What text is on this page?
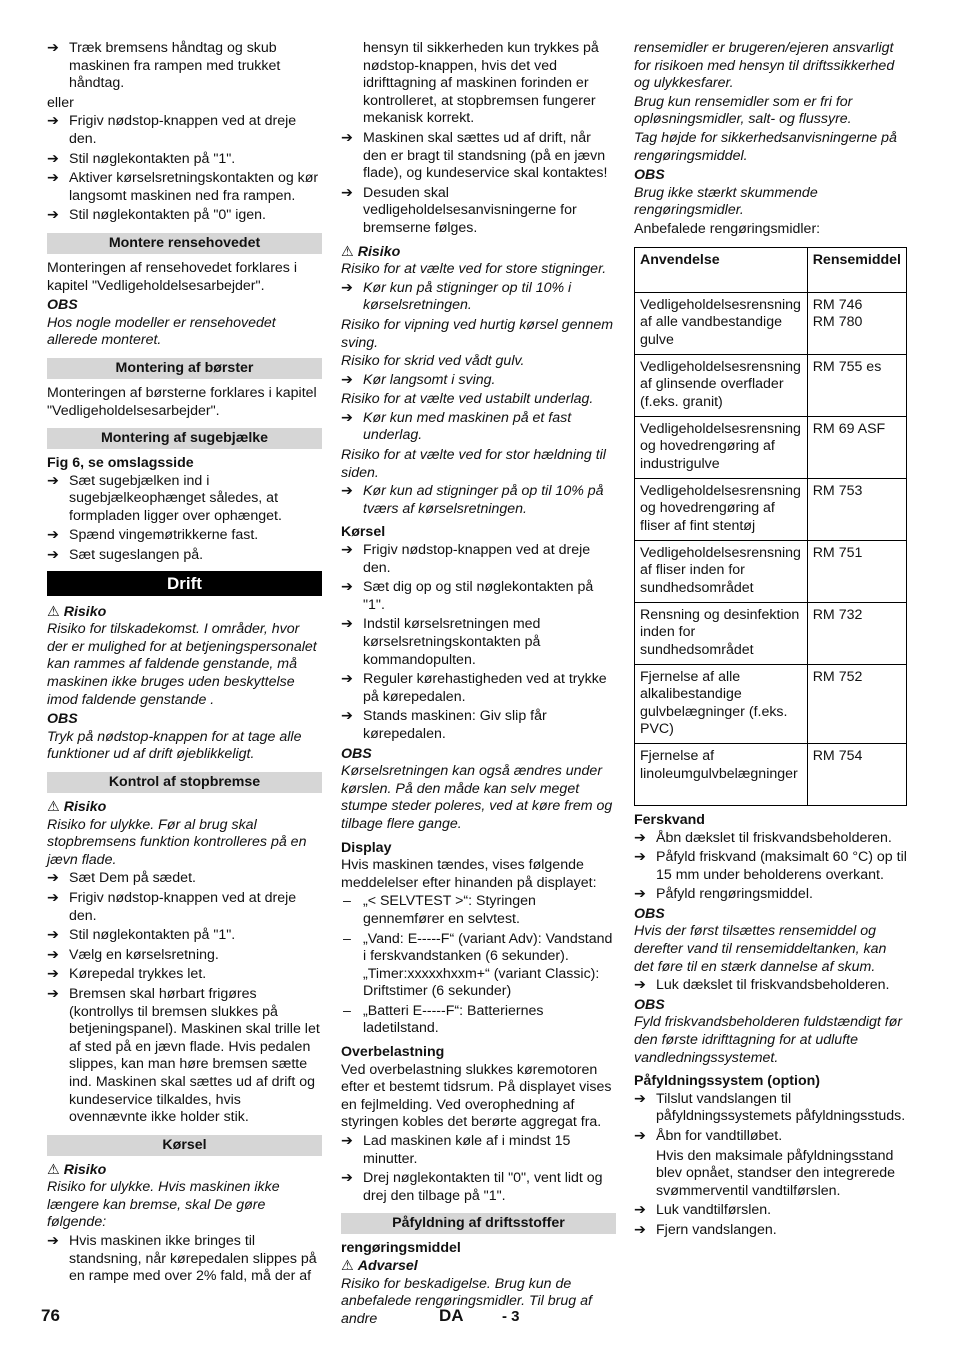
➔ Træk bremsens håndtag og skub maskinen fra rampen med trukket håndtag.
eller
➔ Frigiv nødstop-knappen ved at dreje den.
➔ Stil nøglekontakten på "1".
➔ Aktiver kørselsretningskontakten og kør langsomt maskinen ned fra rampen.
➔ Stil nøglekontakten på "0" igen.
Montere rensehovedet
Monteringen af rensehovedet forklares i kapitel "Vedligeholdelsesarbejder".
OBS
Hos nogle modeller er rensehovedet allerede monteret.
Montering af børster
Monteringen af børsterne forklares i kapitel "Vedligeholdelsesarbejder".
Montering af sugebjælke
Fig 6, se omslagsside
➔ Sæt sugebjælken ind i sugebjælkeophænget således, at formpladen ligger over ophænget.
➔ Spænd vingemøtrikkerne fast.
➔ Sæt sugeslangen på.
Drift
⚠ Risiko
Risiko for tilskadekomst. I områder, hvor der er mulighed for at betjeningspersonalet kan rammes af faldende genstande, må maskinen ikke bruges uden beskyttelse imod faldende genstande .
OBS
Tryk på nødstop-knappen for at tage alle funktioner ud af drift øjeblikkeligt.
Kontrol af stopbremse
⚠ Risiko
Risiko for ulykke. Før al brug skal stopbremsens funktion kontrolleres på en jævn flade.
➔ Sæt Dem på sædet.
➔ Frigiv nødstop-knappen ved at dreje den.
➔ Stil nøglekontakten på "1".
➔ Vælg en kørselsretning.
➔ Kørepedal trykkes let.
➔ Bremsen skal hørbart frigøres (kontrollys til bremsen slukkes på betjeningspanel). Maskinen skal trille let af sted på en jævn flade. Hvis pedalen slippes, kan man høre bremsen sætte ind. Maskinen skal sættes ud af drift og kundeservice tilkaldes, hvis ovennævnte ikke holder stik.
Kørsel
⚠ Risiko
Risiko for ulykke. Hvis maskinen ikke længere kan bremse, skal De gøre følgende:
➔ Hvis maskinen ikke bringes til standsning, når kørepedalen slippes på en rampe med over 2% fald, må der af
hensyn til sikkerheden kun trykkes på nødstop-knappen, hvis det ved idrifttagning af maskinen forinden er kontrolleret, at stopbremsen fungerer mekanisk korrekt.
➔ Maskinen skal sættes ud af drift, når den er bragt til standsning (på en jævn flade), og kundeservice skal kontaktes!
➔ Desuden skal vedligeholdelsesanvisningerne for bremserne følges.
⚠ Risiko
Risiko for at vælte ved for store stigninger.
➔ Kør kun på stigninger op til 10% i kørselsretningen.
Risiko for vipning ved hurtig kørsel gennem sving.
Risiko for skrid ved vådt gulv.
➔ Kør langsomt i sving.
Risiko for at vælte ved ustabilt underlag.
➔ Kør kun med maskinen på et fast underlag.
Risiko for at vælte ved for stor hældning til siden.
➔ Kør kun ad stigninger på op til 10% på tværs af kørselsretningen.
Kørsel
➔ Frigiv nødstop-knappen ved at dreje den.
➔ Sæt dig op og stil nøglekontakten på "1".
➔ Indstil kørselsretningen med kørselsretningskontakten på kommandopulten.
➔ Reguler kørehastigheden ved at trykke på kørepedalen.
➔ Stands maskinen: Giv slip får kørepedalen.
OBS
Kørselsretningen kan også ændres under kørslen. På den måde kan selv meget stumpe steder poleres, ved at køre frem og tilbage flere gange.
Display
Hvis maskinen tændes, vises følgende meddelelser efter hinanden på displayet:
– „< SELVTEST >“: Styringen gennemfører en selvtest.
– „Vand: E-----F“ (variant Adv): Vandstand i ferskvandstanken (6 sekunder). „Timer:xxxxxhxxm+“ (variant Classic): Driftstimer (6 sekunder)
– „Batteri E-----F“: Batteriernes ladetilstand.
Overbelastning
Ved overbelastning slukkes køremotoren efter et bestemt tidsrum. På displayet vises en fejlmelding. Ved overophedning af styringen kobles det berørte aggregat fra.
➔ Lad maskinen køle af i mindst 15 minutter.
➔ Drej nøglekontakten til "0", vent lidt og drej den tilbage på "1".
Påfyldning af driftsstoffer
rengøringsmiddel
⚠ Advarsel
Risiko for beskadigelse. Brug kun de anbefalede rengøringsmidler. Til brug af andre
rensemidler er brugeren/ejeren ansvarligt for risikoen med hensyn til driftssikkerhed og ulykkesfarer.
Brug kun rensemidler som er fri for opløsningsmidler, salt- og flussyre.
Tag højde for sikkerhedsanvisningerne på rengøringsmiddel.
OBS
Brug ikke stærkt skummende rengøringsmidler.
Anbefalede rengøringsmidler:
Anvendelse	Rensemiddel
Vedligeholdelsesrensning af alle vandbestandige gulve	RM 746
RM 780
Vedligeholdelsesrensning af glinsende overflader (f.eks. granit)	RM 755 es
Vedligeholdelsesrensning og hovedrengøring af industrigulve	RM 69 ASF
Vedligeholdelsesrensning og hovedrengøring af fliser af fint stentøj	RM 753
Vedligeholdelsesrensning af fliser inden for sundhedsområdet	RM 751
Rensning og desinfektion inden for sundhedsområdet	RM 732
Fjernelse af alle alkalibestandige gulvbelægninger (f.eks. PVC)	RM 752
Fjernelse af linoleumgulvbelægninger	RM 754
Ferskvand
➔ Åbn dækslet til friskvandsbeholderen.
➔ Påfyld friskvand (maksimalt 60 °C) op til 15 mm under beholderens overkant.
➔ Påfyld rengøringsmiddel.
OBS
Hvis der først tilsættes rensemiddel og derefter vand til rensemiddeltanken, kan det føre til en stærk dannelse af skum.
➔ Luk dækslet til friskvandsbeholderen.
OBS
Fyld friskvandsbeholderen fuldstændigt før den første idrifttagning for at udlufte vandledningssystemet.
Påfyldningssystem (option)
➔ Tilslut vandslangen til påfyldningssystemets påfyldningsstuds.
➔ Åbn for vandtilløbet.
Hvis den maksimale påfyldningsstand blev opnået, standser den integrerede svømmerventil vandtilførslen.
➔ Luk vandtilførslen.
➔ Fjern vandslangen.
76	DA	- 3
